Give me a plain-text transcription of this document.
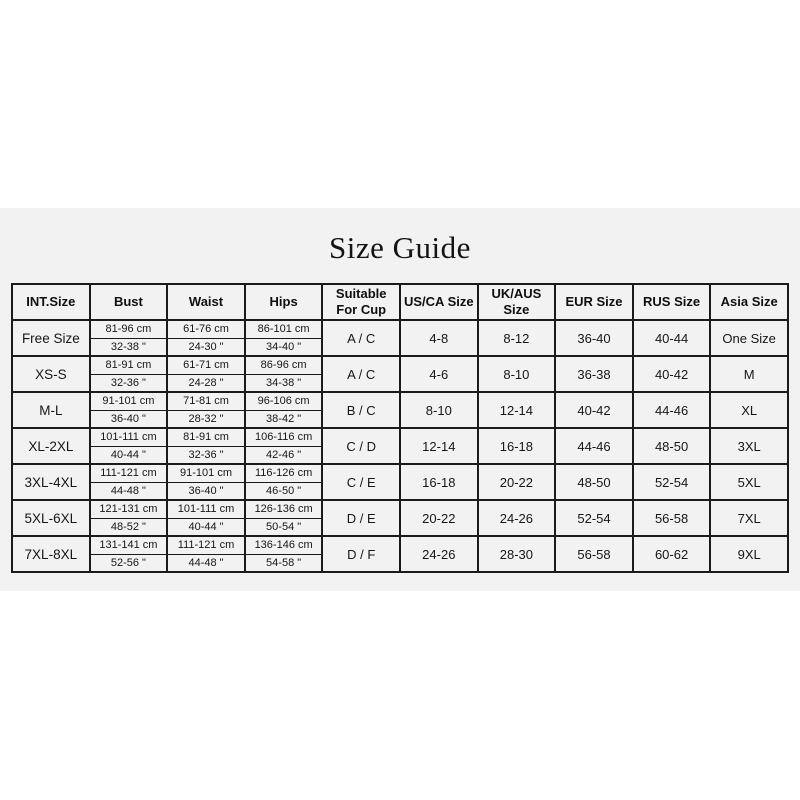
Size Guide
INT.Size	Bust	Waist	Hips	Suitable For Cup	US/CA Size	UK/AUS Size	EUR Size	RUS Size	Asia Size
Free Size	81-96 cm	61-76 cm	86-101 cm	A / C	4-8	8-12	36-40	40-44	One Size
	32-38 "	24-30 "	34-40 "						
XS-S	81-91 cm	61-71 cm	86-96 cm	A / C	4-6	8-10	36-38	40-42	M
	32-36 "	24-28 "	34-38 "						
M-L	91-101 cm	71-81 cm	96-106 cm	B / C	8-10	12-14	40-42	44-46	XL
	36-40 "	28-32 "	38-42 "						
XL-2XL	101-111 cm	81-91 cm	106-116 cm	C / D	12-14	16-18	44-46	48-50	3XL
	40-44 "	32-36 "	42-46 "						
3XL-4XL	111-121 cm	91-101 cm	116-126 cm	C / E	16-18	20-22	48-50	52-54	5XL
	44-48 "	36-40 "	46-50 "						
5XL-6XL	121-131 cm	101-111 cm	126-136 cm	D / E	20-22	24-26	52-54	56-58	7XL
	48-52 "	40-44 "	50-54 "						
7XL-8XL	131-141 cm	111-121 cm	136-146 cm	D / F	24-26	28-30	56-58	60-62	9XL
	52-56 "	44-48 "	54-58 "						
